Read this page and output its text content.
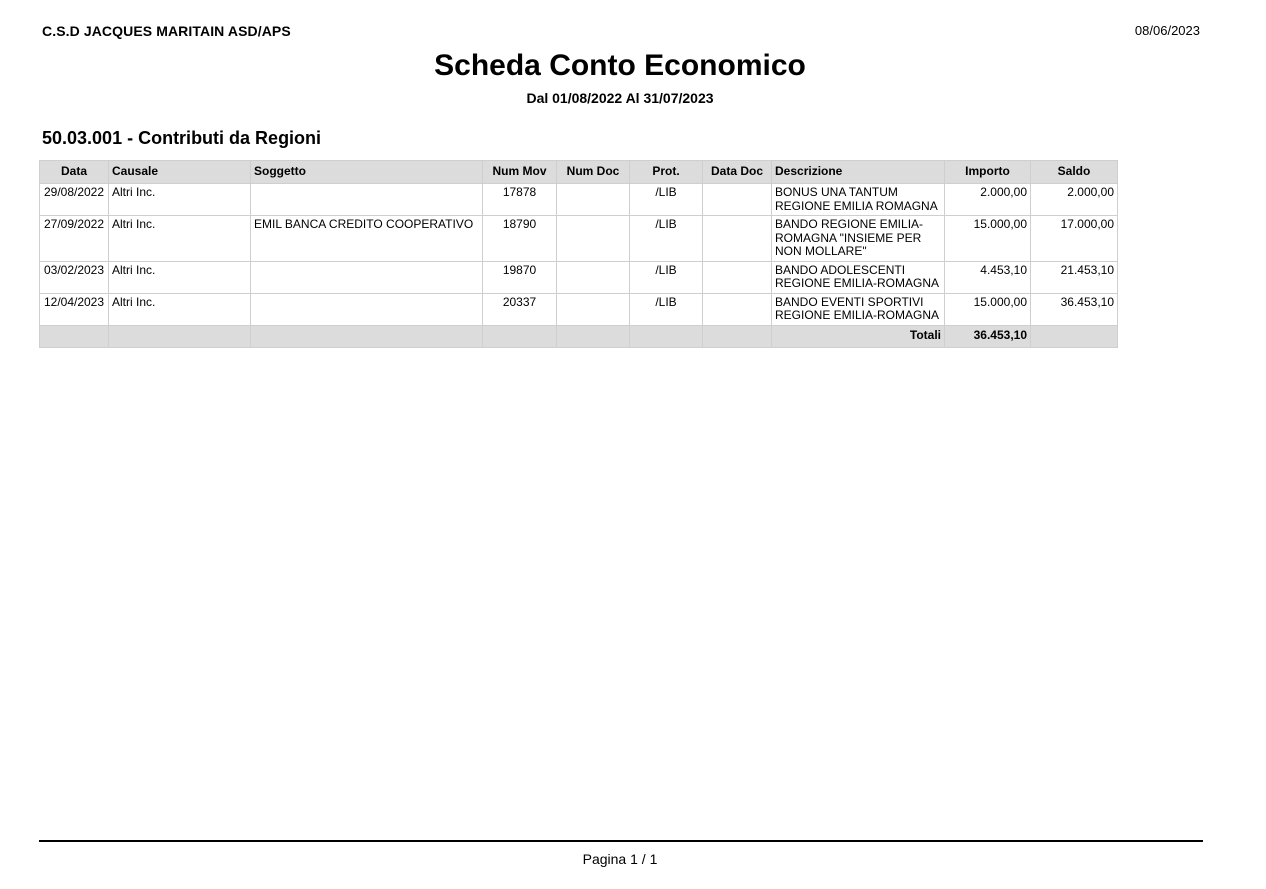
C.S.D JACQUES MARITAIN ASD/APS	08/06/2023
Scheda Conto Economico
Dal 01/08/2022 Al 31/07/2023
50.03.001 - Contributi da Regioni
Data	Causale	Soggetto	Num Mov	Num Doc	Prot.	Data Doc	Descrizione	Importo	Saldo
29/08/2022	Altri Inc.		17878		/LIB		BONUS UNA TANTUM REGIONE EMILIA ROMAGNA	2.000,00	2.000,00
27/09/2022	Altri Inc.	EMIL BANCA CREDITO COOPERATIVO	18790		/LIB		BANDO REGIONE EMILIA-ROMAGNA "INSIEME PER NON MOLLARE"	15.000,00	17.000,00
03/02/2023	Altri Inc.		19870		/LIB		BANDO ADOLESCENTI REGIONE EMILIA-ROMAGNA	4.453,10	21.453,10
12/04/2023	Altri Inc.		20337		/LIB		BANDO EVENTI SPORTIVI REGIONE EMILIA-ROMAGNA	15.000,00	36.453,10
							Totali	36.453,10	
Pagina 1 / 1
